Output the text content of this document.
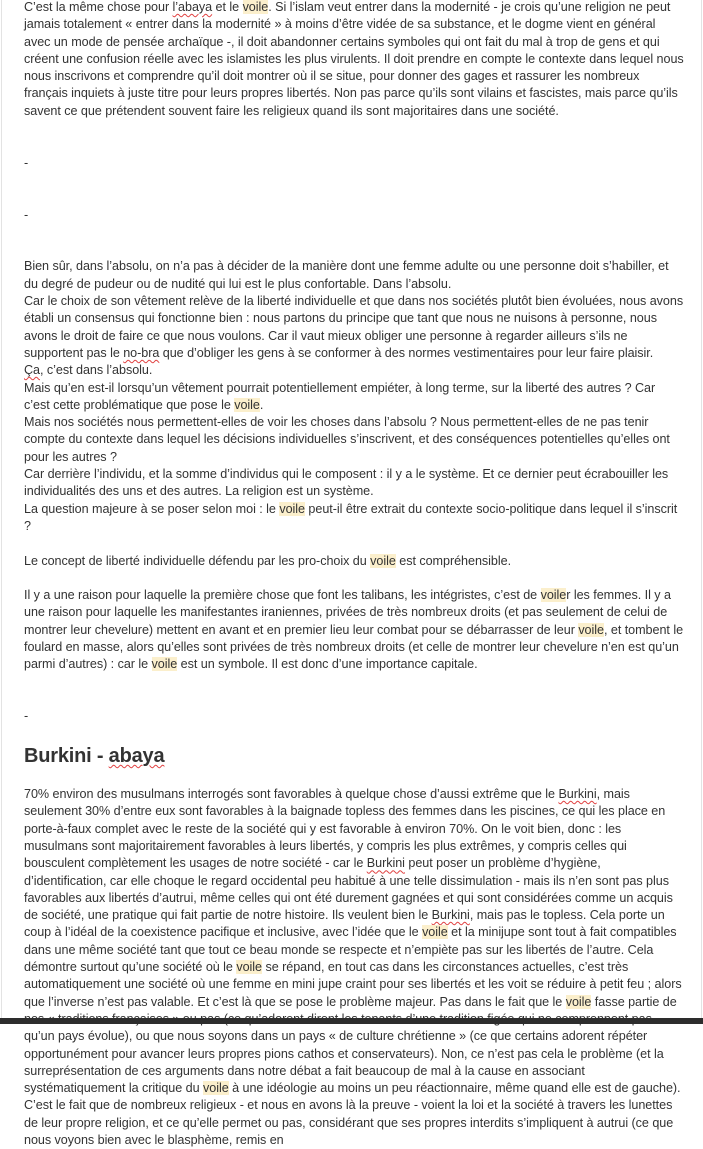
C’est la même chose pour l’abaya et le voile. Si l’islam veut entrer dans la modernité - je crois qu’une religion ne peut jamais totalement « entrer dans la modernité » à moins d’être vidée de sa substance, et le dogme vient en général avec un mode de pensée archaïque -, il doit abandonner certains symboles qui ont fait du mal à trop de gens et qui créent une confusion réelle avec les islamistes les plus virulents. Il doit prendre en compte le contexte dans lequel nous nous inscrivons et comprendre qu’il doit montrer où il se situe, pour donner des gages et rassurer les nombreux français inquiets à juste titre pour leurs propres libertés. Non pas parce qu’ils sont vilains et fascistes, mais parce qu’ils savent ce que prétendent souvent faire les religieux quand ils sont majoritaires dans une société.

-

-

Bien sûr, dans l’absolu, on n’a pas à décider de la manière dont une femme adulte ou une personne doit s’habiller, et du degré de pudeur ou de nudité qui lui est le plus confortable. Dans l’absolu.

Car le choix de son vêtement relève de la liberté individuelle et que dans nos sociétés plutôt bien évoluées, nous avons établi un consensus qui fonctionne bien : nous partons du principe que tant que nous ne nuisons à personne, nous avons le droit de faire ce que nous voulons. Car il vaut mieux obliger une personne à regarder ailleurs s’ils ne supportent pas le no-bra que d’obliger les gens à se conformer à des normes vestimentaires pour leur faire plaisir.

Ça, c’est dans l’absolu.

Mais qu’en est-il lorsqu’un vêtement pourrait potentiellement empiéter, à long terme, sur la liberté des autres ? Car c’est cette problématique que pose le voile.

Mais nos sociétés nous permettent-elles de voir les choses dans l’absolu ? Nous permettent-elles de ne pas tenir compte du contexte dans lequel les décisions individuelles s’inscrivent, et des conséquences potentielles qu’elles ont pour les autres ?

Car derrière l’individu, et la somme d’individus qui le composent : il y a le système. Et ce dernier peut écrabouiller les individualités des uns et des autres. La religion est un système.

La question majeure à se poser selon moi : le voile peut-il être extrait du contexte socio-politique dans lequel il s’inscrit ?

Le concept de liberté individuelle défendu par les pro-choix du voile est compréhensible.

Il y a une raison pour laquelle la première chose que font les talibans, les intégristes, c’est de voiler les femmes. Il y a une raison pour laquelle les manifestantes iraniennes, privées de très nombreux droits (et pas seulement de celui de montrer leur chevelure) mettent en avant et en premier lieu leur combat pour se débarrasser de leur voile, et tombent le foulard en masse, alors qu’elles sont privées de très nombreux droits (et celle de montrer leur chevelure n’en est qu’un parmi d’autres) : car le voile est un symbole. Il est donc d’une importance capitale.

-

Burkini - abaya

70% environ des musulmans interrogés sont favorables à quelque chose d’aussi extrême que le Burkini, mais seulement 30% d’entre eux sont favorables à la baignade topless des femmes dans les piscines, ce qui les place en porte-à-faux complet avec le reste de la société qui y est favorable à environ 70%. On le voit bien, donc : les musulmans sont majoritairement favorables à leurs libertés, y compris les plus extrêmes, y compris celles qui bousculent complètement les usages de notre société - car le Burkini peut poser un problème d’hygiène, d’identification, car elle choque le regard occidental peu habitué à une telle dissimulation - mais ils n’en sont pas plus favorables aux libertés d’autrui, même celles qui ont été durement gagnées et qui sont considérées comme un acquis de société, une pratique qui fait partie de notre histoire. Ils veulent bien le Burkini, mais pas le topless. Cela porte un coup à l’idéal de la coexistence pacifique et inclusive, avec l’idée que le voile et la minijupe sont tout à fait compatibles dans une même société tant que tout ce beau monde se respecte et n’empiète pas sur les libertés de l’autre. Cela démontre surtout qu’une société où le voile se répand, en tout cas dans les circonstances actuelles, c’est très automatiquement une société où une femme en mini jupe craint pour ses libertés et les voit se réduire à petit feu ; alors que l’inverse n’est pas valable. Et c’est là que se pose le problème majeur. Pas dans le fait que le voile fasse partie de qu’un pays évolue), ou que nous soyons dans un pays « de culture chrétienne » (ce que certains adorent répéter opportunément pour avancer leurs propres pions cathos et conservateurs). Non, ce n’est pas cela le problème (et la surreprésentation de ces arguments dans notre débat a fait beaucoup de mal à la cause en associant systématiquement la critique du voile à une idéologie au moins un peu réactionnaire, même quand elle est de gauche). C’est le fait que de nombreux religieux - et nous en avons là la preuve - voient la loi et la société à travers les lunettes de leur propre religion, et ce qu’elle permet ou pas, considérant que ses propres interdits s’impliquent à autrui (ce que nous voyons bien avec le blasphème, remis en
